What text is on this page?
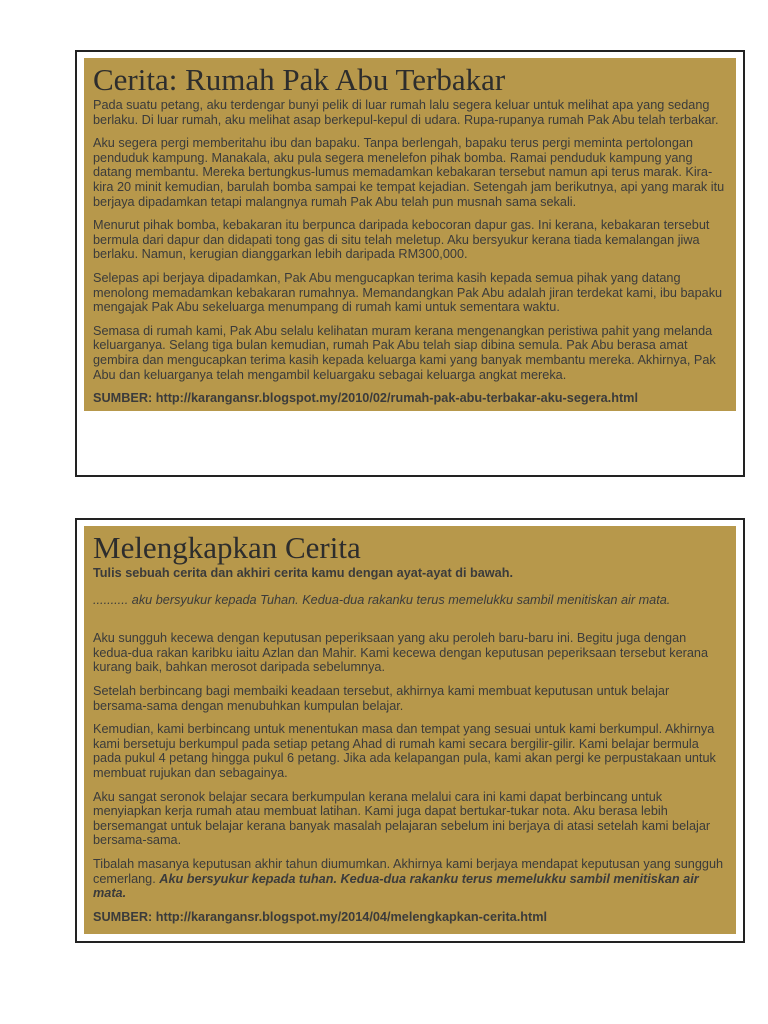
Cerita: Rumah Pak Abu Terbakar

Pada suatu petang, aku terdengar bunyi pelik di luar rumah lalu segera keluar untuk melihat apa yang sedang berlaku. Di luar rumah, aku melihat asap berkepul-kepul di udara. Rupa-rupanya rumah Pak Abu telah terbakar.

Aku segera pergi memberitahu ibu dan bapaku. Tanpa berlengah, bapaku terus pergi meminta pertolongan penduduk kampung. Manakala, aku pula segera menelefon pihak bomba. Ramai penduduk kampung yang datang membantu. Mereka bertungkus-lumus memadamkan kebakaran tersebut namun api terus marak. Kira-kira 20 minit kemudian, barulah bomba sampai ke tempat kejadian. Setengah jam berikutnya, api yang marak itu berjaya dipadamkan tetapi malangnya rumah Pak Abu telah pun musnah sama sekali.

Menurut pihak bomba, kebakaran itu berpunca daripada kebocoran dapur gas. Ini kerana, kebakaran tersebut bermula dari dapur dan didapati tong gas di situ telah meletup. Aku bersyukur kerana tiada kemalangan jiwa berlaku. Namun, kerugian dianggarkan lebih daripada RM300,000.

Selepas api berjaya dipadamkan, Pak Abu mengucapkan terima kasih kepada semua pihak yang datang menolong memadamkan kebakaran rumahnya. Memandangkan Pak Abu adalah jiran terdekat kami, ibu bapaku mengajak Pak Abu sekeluarga menumpang di rumah kami untuk sementara waktu.

Semasa di rumah kami, Pak Abu selalu kelihatan muram kerana mengenangkan peristiwa pahit yang melanda keluarganya. Selang tiga bulan kemudian, rumah Pak Abu telah siap dibina semula. Pak Abu berasa amat gembira dan mengucapkan terima kasih kepada keluarga kami yang banyak membantu mereka. Akhirnya, Pak Abu dan keluarganya telah mengambil keluargaku sebagai keluarga angkat mereka.

SUMBER: http://karangansr.blogspot.my/2010/02/rumah-pak-abu-terbakar-aku-segera.html

Melengkapkan Cerita

Tulis sebuah cerita dan akhiri cerita kamu dengan ayat-ayat di bawah.

.......... aku bersyukur kepada Tuhan. Kedua-dua rakanku terus memelukku sambil menitiskan air mata.

Aku sungguh kecewa dengan keputusan peperiksaan yang aku peroleh baru-baru ini. Begitu juga dengan kedua-dua rakan karibku iaitu Azlan dan Mahir. Kami kecewa dengan keputusan peperiksaan tersebut kerana kurang baik, bahkan merosot daripada sebelumnya.

Setelah berbincang bagi membaiki keadaan tersebut, akhirnya kami membuat keputusan untuk belajar bersama-sama dengan menubuhkan kumpulan belajar.

Kemudian, kami berbincang untuk menentukan masa dan tempat yang sesuai untuk kami berkumpul. Akhirnya kami bersetuju berkumpul pada setiap petang Ahad di rumah kami secara bergilir-gilir. Kami belajar bermula pada pukul 4 petang hingga pukul 6 petang. Jika ada kelapangan pula, kami akan pergi ke perpustakaan untuk membuat rujukan dan sebagainya.

Aku sangat seronok belajar secara berkumpulan kerana melalui cara ini kami dapat berbincang untuk menyiapkan kerja rumah atau membuat latihan. Kami juga dapat bertukar-tukar nota. Aku berasa lebih bersemangat untuk belajar kerana banyak masalah pelajaran sebelum ini berjaya di atasi setelah kami belajar bersama-sama.

Tibalah masanya keputusan akhir tahun diumumkan. Akhirnya kami berjaya mendapat keputusan yang sungguh cemerlang. Aku bersyukur kepada tuhan. Kedua-dua rakanku terus memelukku sambil menitiskan air mata.

SUMBER: http://karangansr.blogspot.my/2014/04/melengkapkan-cerita.html
